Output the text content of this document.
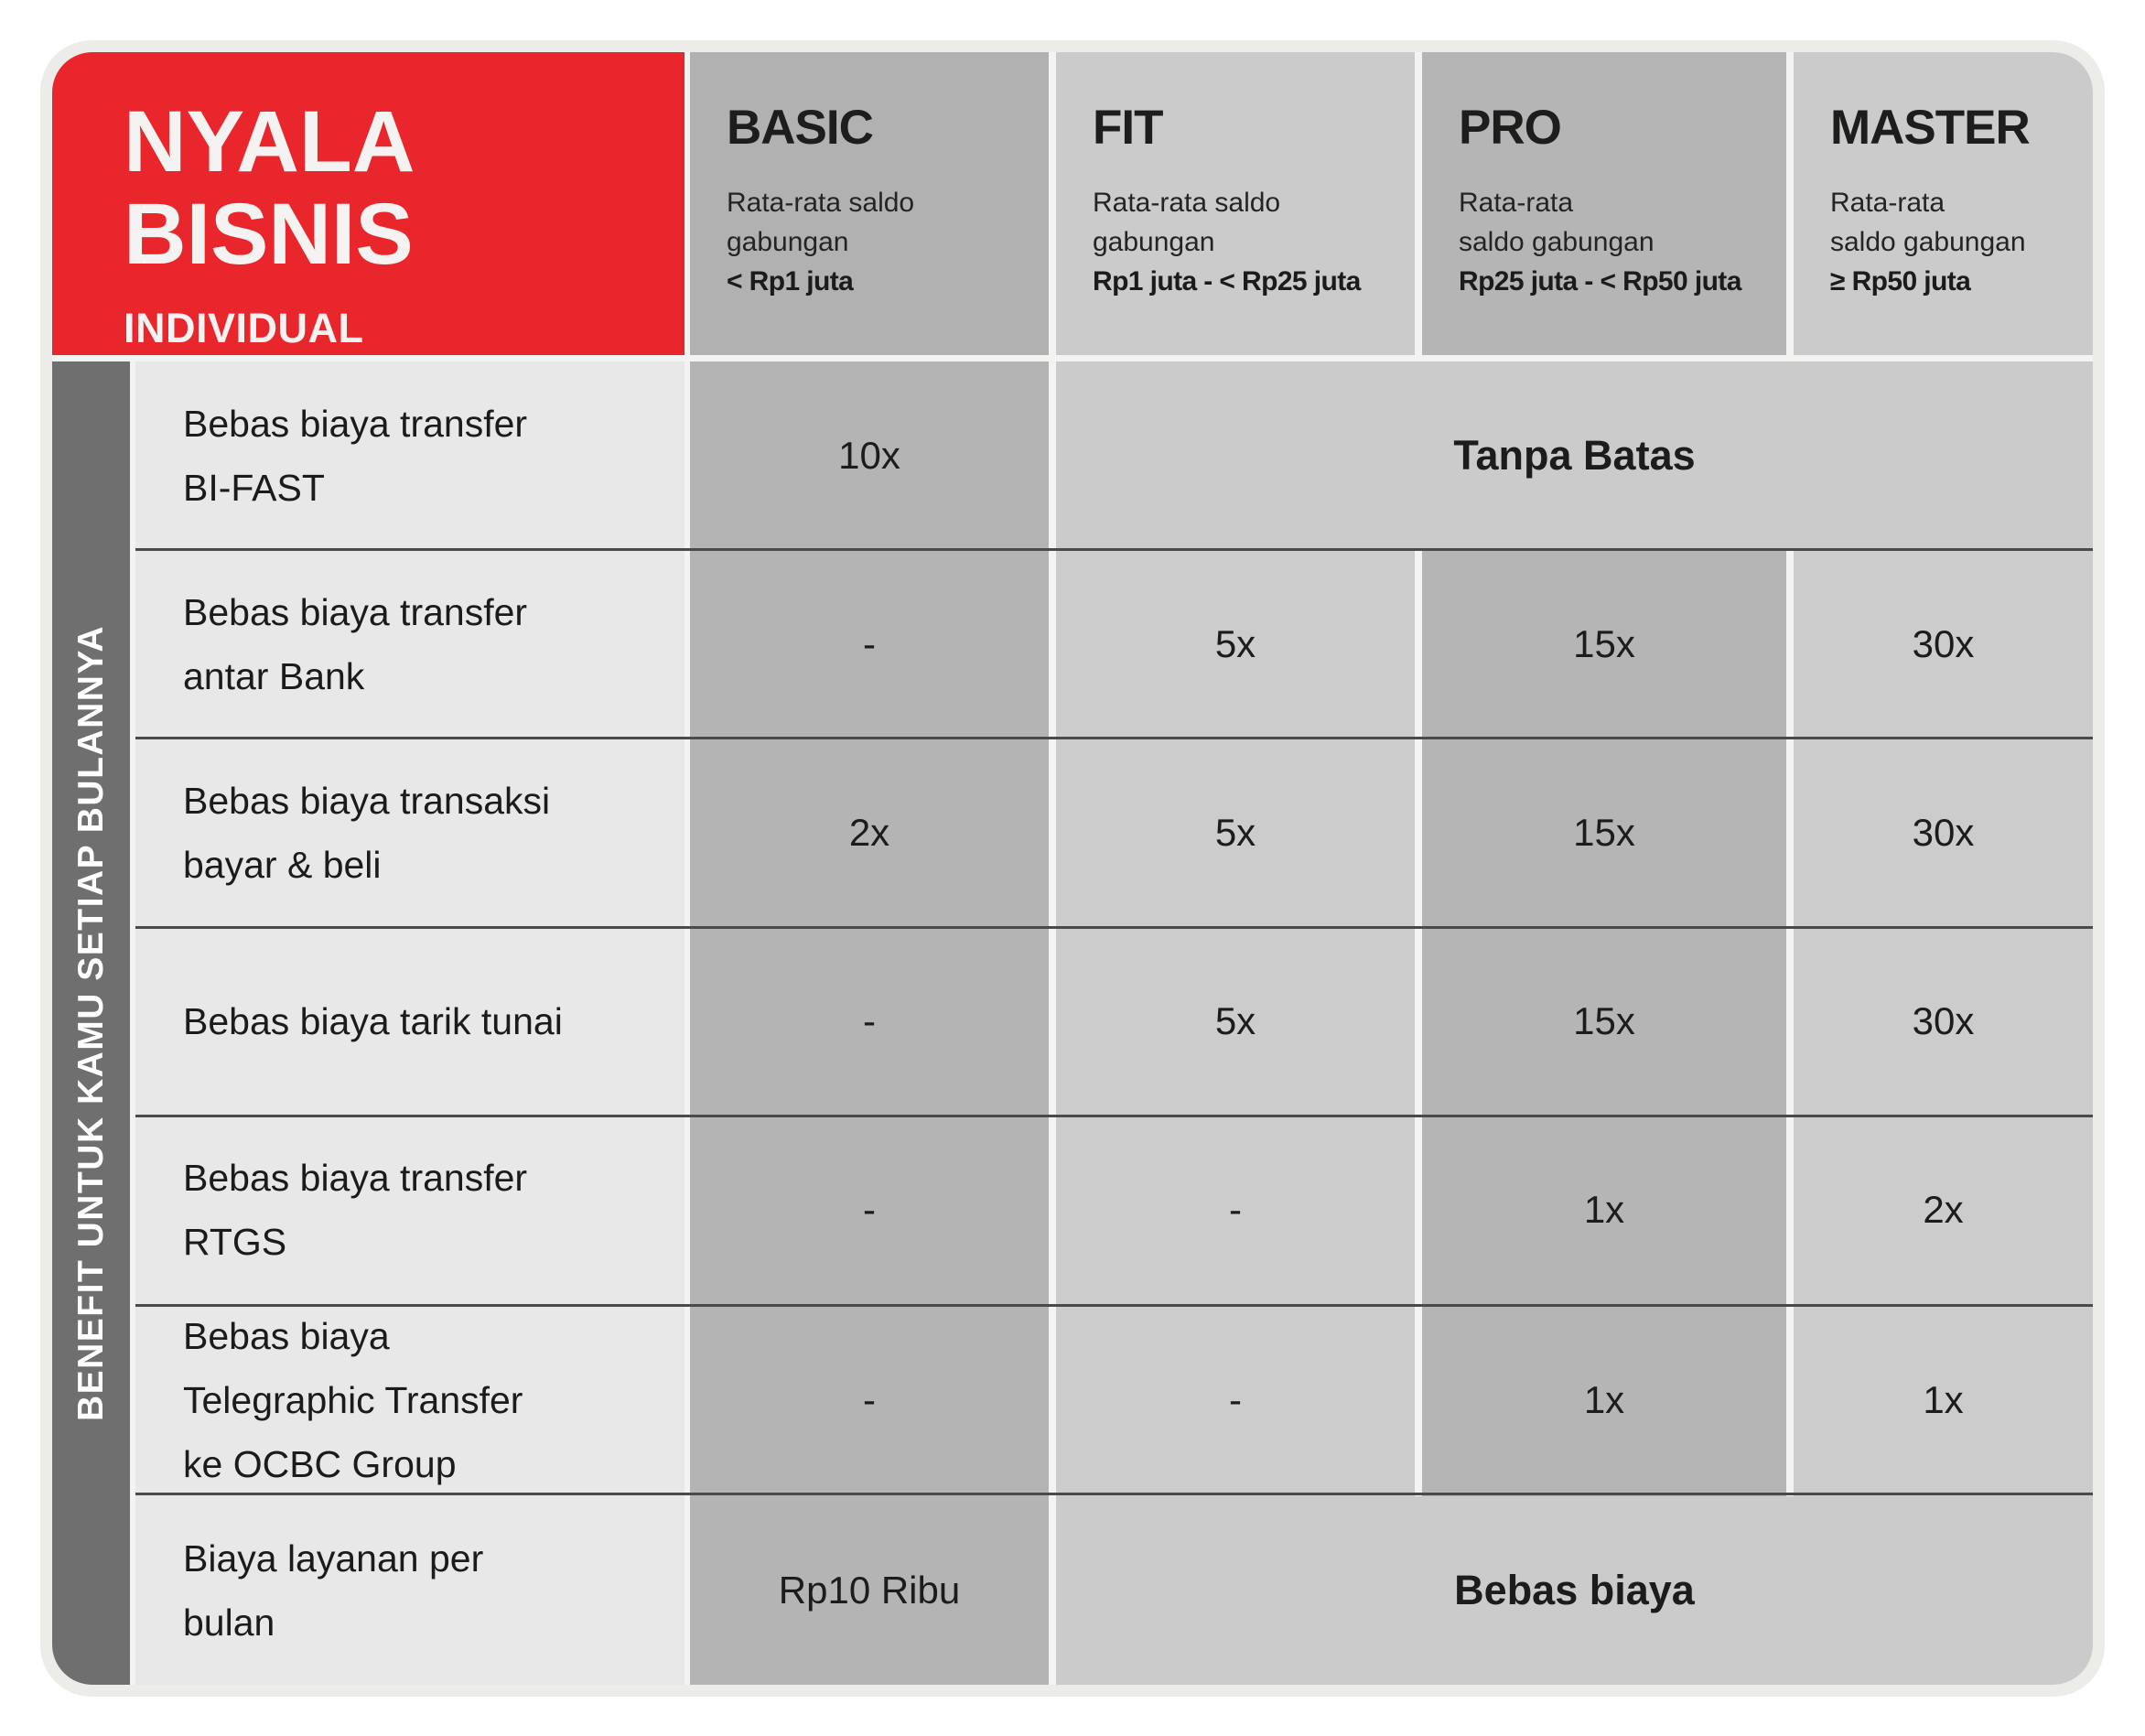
NYALA
BISNIS
INDIVIDUAL
BASIC
Rata-rata saldo
gabungan
< Rp1 juta
FIT
Rata-rata saldo
gabungan
Rp1 juta - < Rp25 juta
PRO
Rata-rata
saldo gabungan
Rp25 juta - < Rp50 juta
MASTER
Rata-rata
saldo gabungan
≥ Rp50 juta
BENEFIT UNTUK KAMU SETIAP BULANNYA
Bebas biaya transfer
BI-FAST
10x	Tanpa Batas
Bebas biaya transfer
antar Bank
-	5x	15x	30x
Bebas biaya transaksi
bayar & beli
2x	5x	15x	30x
Bebas biaya tarik tunai	-	5x	15x	30x
Bebas biaya transfer
RTGS
-	-	1x	2x
Bebas biaya
Telegraphic Transfer
ke OCBC Group
-	-	1x	1x
Biaya layanan per
bulan
Rp10 Ribu	Bebas biaya
